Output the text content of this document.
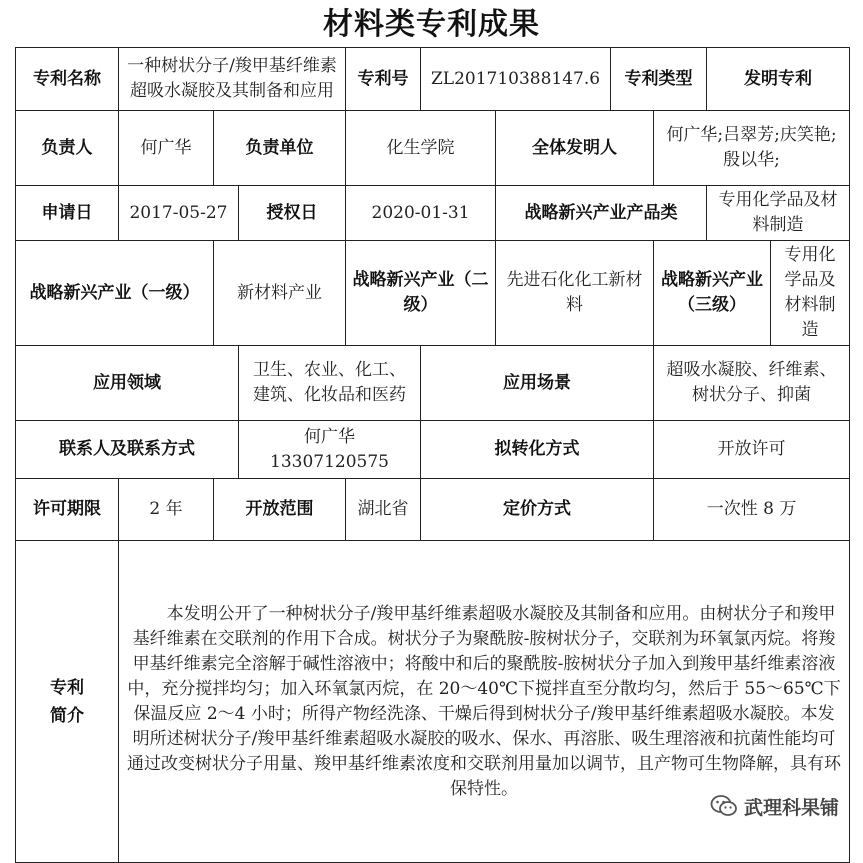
材料类专利成果
专利名称	一种树状分子/羧甲基纤维素超吸水凝胶及其制备和应用			专利号	ZL201710388147.6		专利类型		发明专利	
负责人	何广华	负责单位		化生学院		全体发明人		何广华;吕翠芳;庆笑艳;殷以华;		
申请日	2017-05-27		授权日	2020-01-31		战略新兴产业产品类			专用化学品及材料制造	
战略新兴产业（一级）		新材料产业		战略新兴产业（二级）		先进石化化工新材料		战略新兴产业（三级）		专用化学品及材料制造
应用领域			卫生、农业、化工、建筑、化妆品和医药		应用场景			超吸水凝胶、纤维素、树状分子、抑菌		
联系人及联系方式			何广华 13307120575		拟转化方式			开放许可		
许可期限	2 年	开放范围		湖北省	定价方式			一次性 8 万		
专利简介	本发明公开了一种树状分子/羧甲基纤维素超吸水凝胶及其制备和应用。由树状分子和羧甲基纤维素在交联剂的作用下合成。树状分子为聚酰胺-胺树状分子，交联剂为环氧氯丙烷。将羧甲基纤维素完全溶解于碱性溶液中；将酸中和后的聚酰胺-胺树状分子加入到羧甲基纤维素溶液中，充分搅拌均匀；加入环氧氯丙烷，在 20～40℃下搅拌直至分散均匀，然后于 55～65℃下保温反应 2～4 小时；所得产物经洗涤、干燥后得到树状分子/羧甲基纤维素超吸水凝胶。本发明所述树状分子/羧甲基纤维素超吸水凝胶的吸水、保水、再溶胀、吸生理溶液和抗菌性能均可通过改变树状分子用量、羧甲基纤维素浓度和交联剂用量加以调节，且产物可生物降解，具有环保特性。									
武理科果铺
